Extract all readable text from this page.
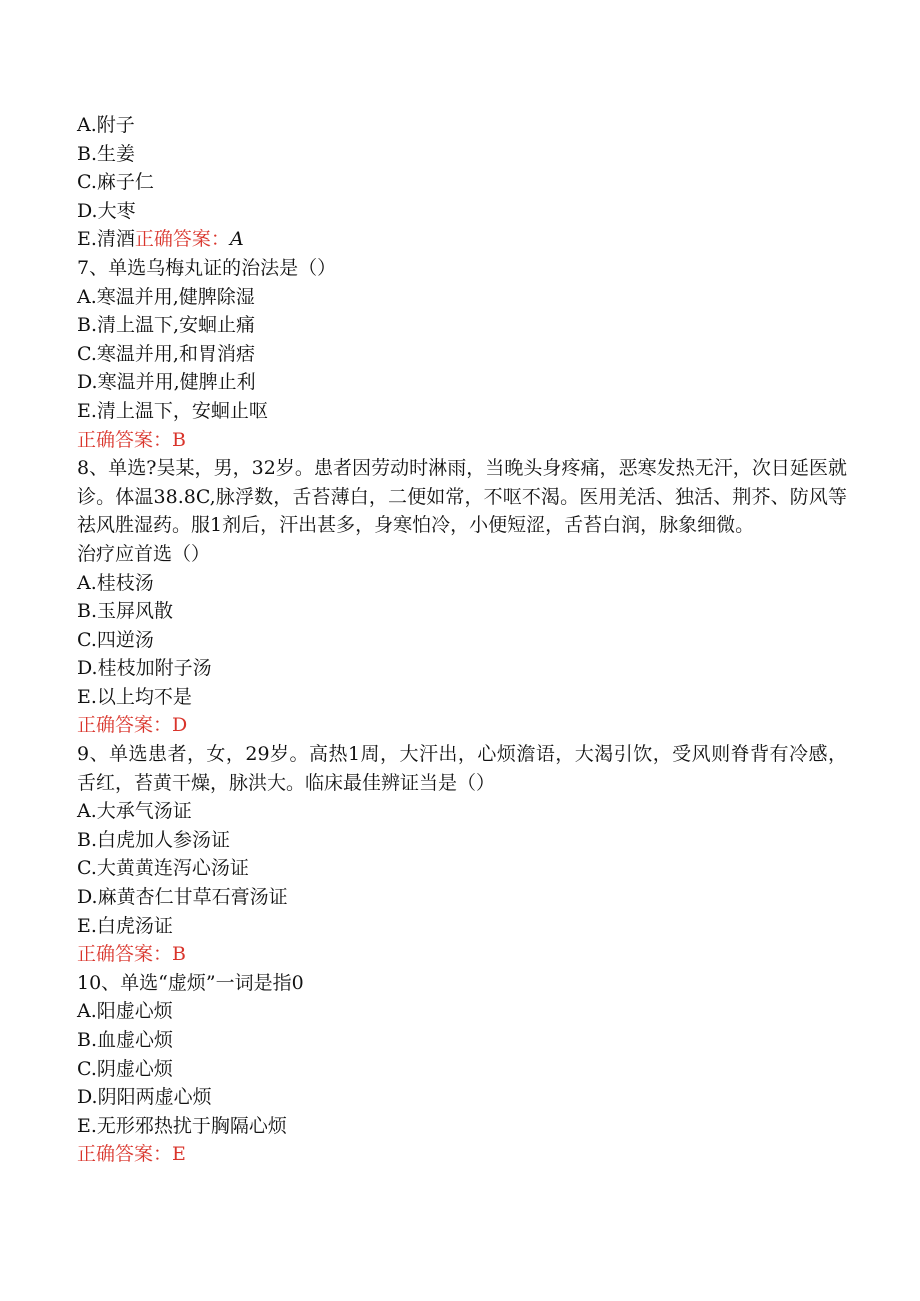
A.附子
B.生姜
C.麻子仁
D.大枣
E.清酒正确答案：A
7、单选乌梅丸证的治法是（）
A.寒温并用,健脾除湿
B.清上温下,安蛔止痛
C.寒温并用,和胃消痞
D.寒温并用,健脾止利
E.清上温下，安蛔止呕
正确答案：B
8、单选?吴某，男，32岁。患者因劳动时淋雨，当晚头身疼痛，恶寒发热无汗，次日延医就诊。体温38.8C,脉浮数，舌苔薄白，二便如常，不呕不渴。医用羌活、独活、荆芥、防风等祛风胜湿药。服1剂后，汗出甚多，身寒怕冷，小便短涩，舌苔白润，脉象细微。
治疗应首选（）
A.桂枝汤
B.玉屏风散
C.四逆汤
D.桂枝加附子汤
E.以上均不是
正确答案：D
9、单选患者，女，29岁。高热1周，大汗出，心烦澹语，大渴引饮，受风则脊背有冷感，舌红，苔黄干燥，脉洪大。临床最佳辨证当是（）
A.大承气汤证
B.白虎加人参汤证
C.大黄黄连泻心汤证
D.麻黄杏仁甘草石膏汤证
E.白虎汤证
正确答案：B
10、单选“虚烦”一词是指0
A.阳虚心烦
B.血虚心烦
C.阴虚心烦
D.阴阳两虚心烦
E.无形邪热扰于胸隔心烦
正确答案：E
